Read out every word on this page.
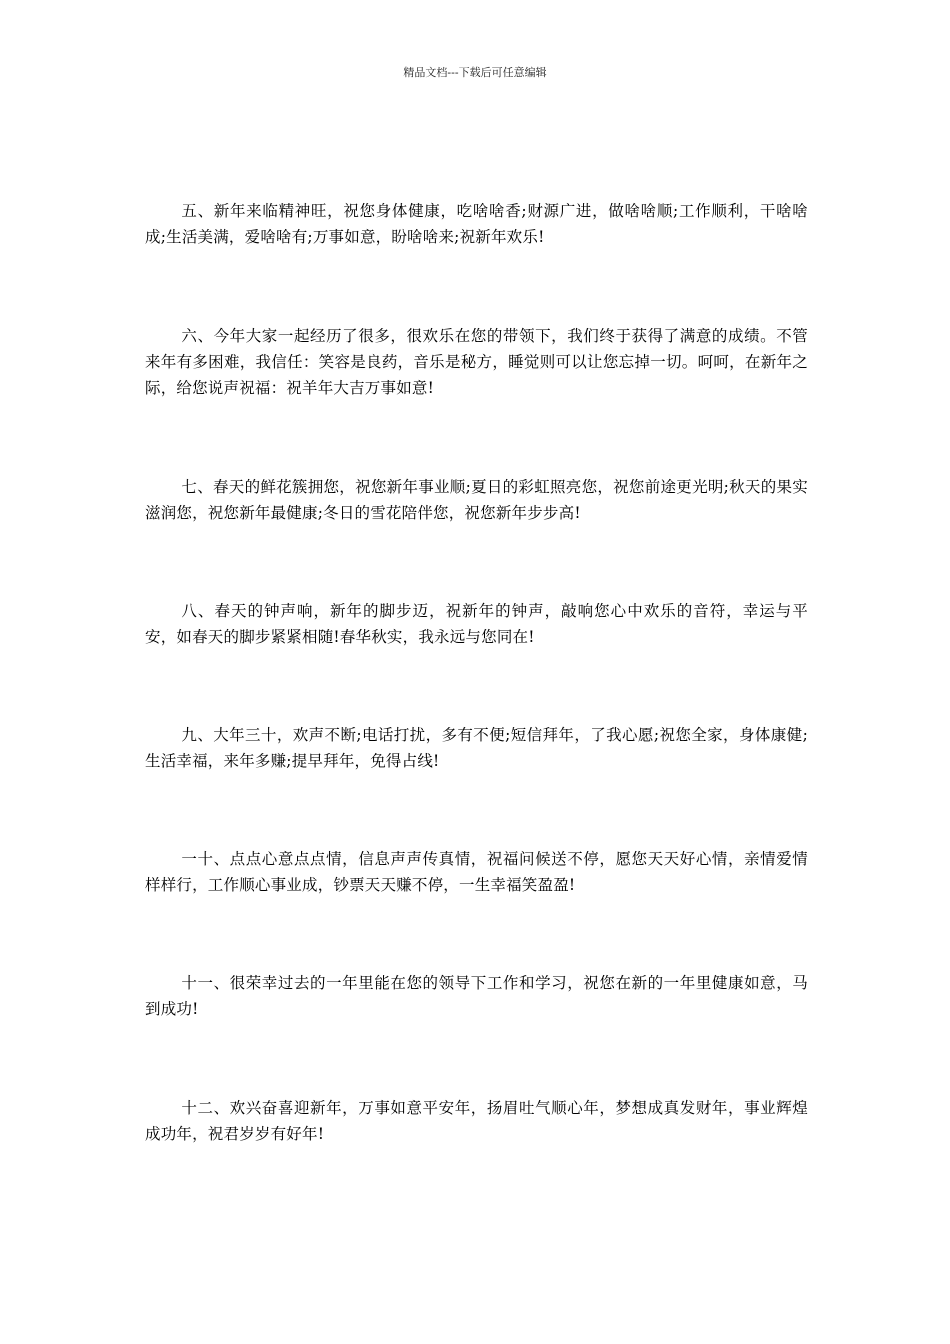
精品文档---下载后可任意编辑

五、新年来临精神旺，祝您身体健康，吃啥啥香;财源广进，做啥啥顺;工作顺利，干啥啥成;生活美满，爱啥啥有;万事如意，盼啥啥来;祝新年欢乐!

六、今年大家一起经历了很多，很欢乐在您的带领下，我们终于获得了满意的成绩。不管来年有多困难，我信任：笑容是良药，音乐是秘方，睡觉则可以让您忘掉一切。呵呵，在新年之际，给您说声祝福：祝羊年大吉万事如意!

七、春天的鲜花簇拥您，祝您新年事业顺;夏日的彩虹照亮您，祝您前途更光明;秋天的果实滋润您，祝您新年最健康;冬日的雪花陪伴您，祝您新年步步高!

八、春天的钟声响，新年的脚步迈，祝新年的钟声，敲响您心中欢乐的音符，幸运与平安，如春天的脚步紧紧相随!春华秋实，我永远与您同在!

九、大年三十，欢声不断;电话打扰，多有不便;短信拜年，了我心愿;祝您全家，身体康健;生活幸福，来年多赚;提早拜年，免得占线!

一十、点点心意点点情，信息声声传真情，祝福问候送不停，愿您天天好心情，亲情爱情样样行，工作顺心事业成，钞票天天赚不停，一生幸福笑盈盈!

十一、很荣幸过去的一年里能在您的领导下工作和学习，祝您在新的一年里健康如意，马到成功!

十二、欢兴奋喜迎新年，万事如意平安年，扬眉吐气顺心年，梦想成真发财年，事业辉煌成功年，祝君岁岁有好年!
